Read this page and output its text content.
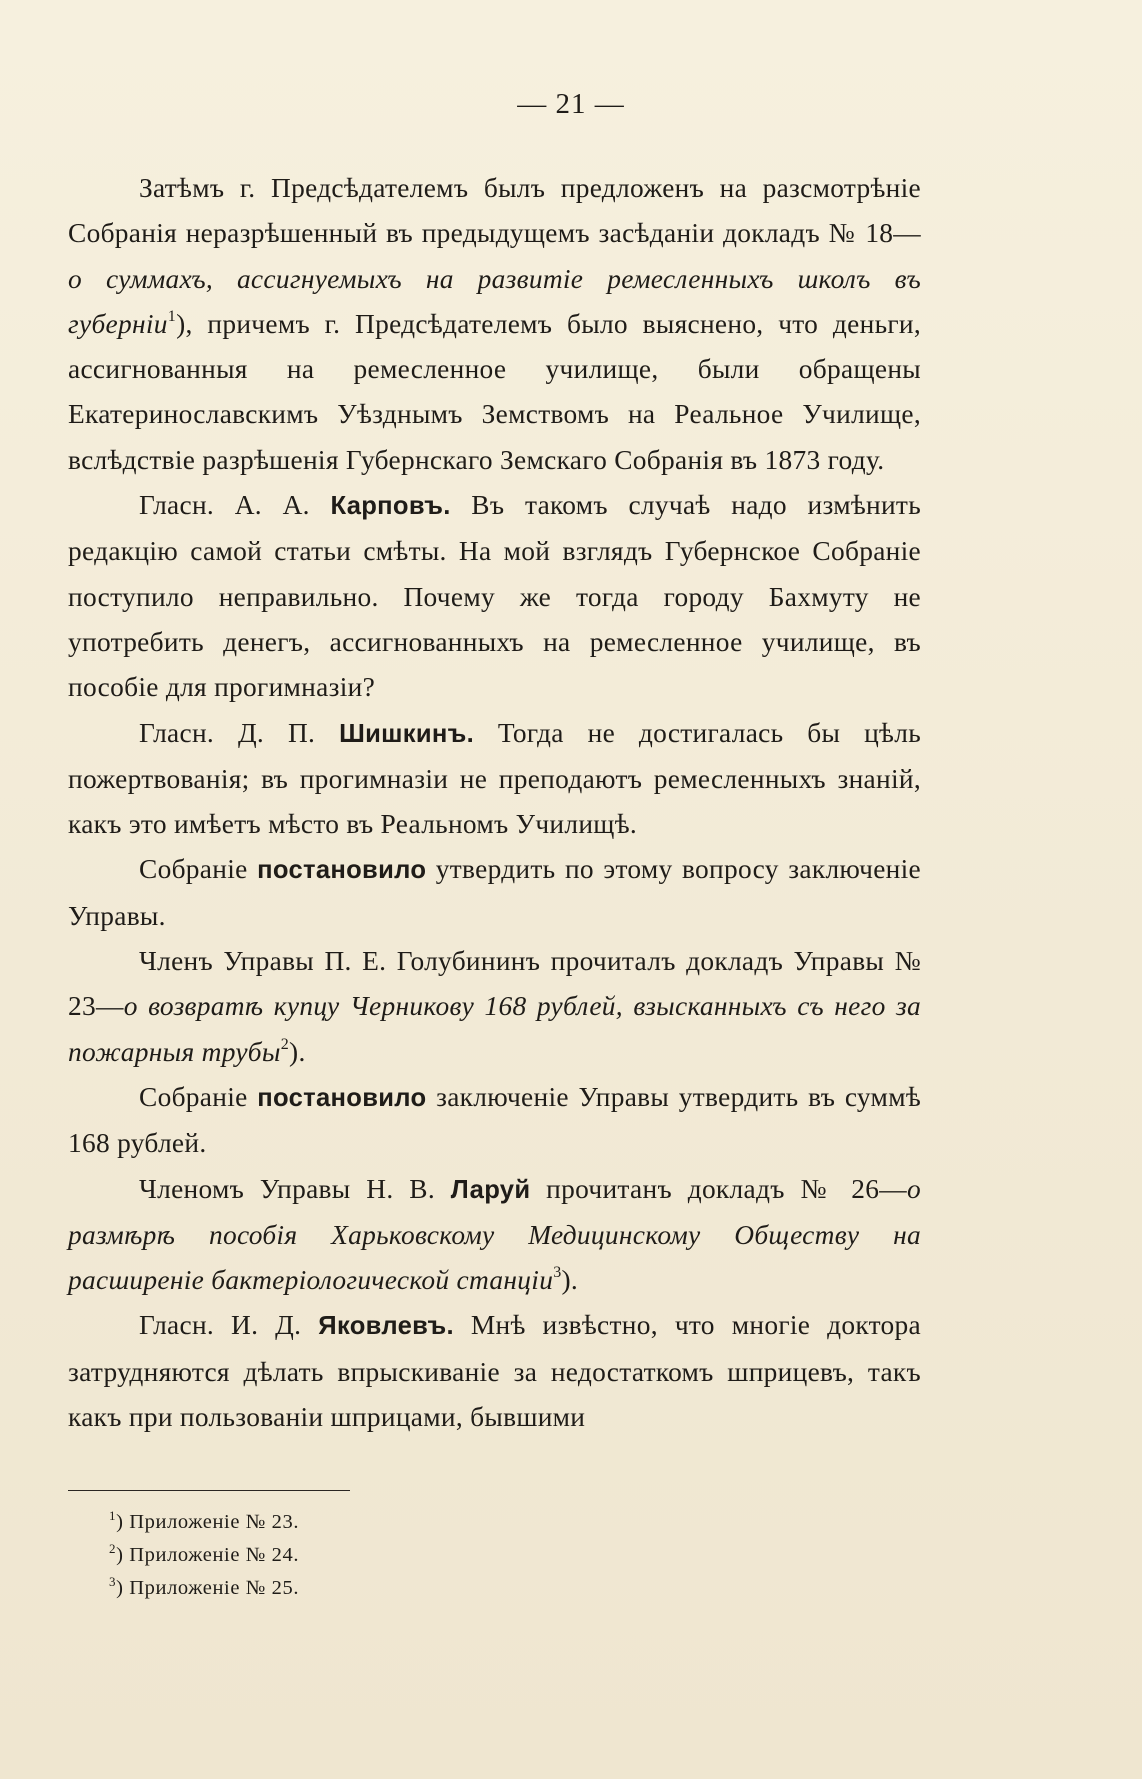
— 21 —

Затѣмъ г. Предсѣдателемъ былъ предложенъ на разсмотрѣніе Собранія неразрѣшенный въ предыдущемъ засѣданіи докладъ № 18—о суммахъ, ассигнуемыхъ на развитіе ремесленныхъ школъ въ губерніи$^1$), причемъ г. Предсѣдателемъ было выяснено, что деньги, ассигнованныя на ремесленное училище, были обращены Екатеринославскимъ Уѣзднымъ Земствомъ на Реальное Училище, вслѣдствіе разрѣшенія Губернскаго Земскаго Собранія въ 1873 году.

Гласн. А. А. Карповъ. Въ такомъ случаѣ надо измѣнить редакцію самой статьи смѣты. На мой взглядъ Губернское Собраніе поступило неправильно. Почему же тогда городу Бахмуту не употребить денегъ, ассигнованныхъ на ремесленное училище, въ пособіе для прогимназіи?

Гласн. Д. П. Шишкинъ. Тогда не достигалась бы цѣль пожертвованія; въ прогимназіи не преподаютъ ремесленныхъ знаній, какъ это имѣетъ мѣсто въ Реальномъ Училищѣ.

Собраніе постановило утвердить по этому вопросу заключеніе Управы.

Членъ Управы П. Е. Голубининъ прочиталъ докладъ Управы № 23—о возвратѣ купцу Черникову 168 рублей, взысканныхъ съ него за пожарныя трубы$^2$).

Собраніе постановило заключеніе Управы утвердить въ суммѣ 168 рублей.

Членомъ Управы Н. В. Ларуй прочитанъ докладъ № 26—о размѣрѣ пособія Харьковскому Медицинскому Обществу на расширеніе бактеріологической станціи$^3$).

Гласн. И. Д. Яковлевъ. Мнѣ извѣстно, что многіе доктора затрудняются дѣлать впрыскиваніе за недостаткомъ шприцевъ, такъ какъ при пользованіи шприцами, бывшими

$^1$) Приложеніе № 23.
$^2$) Приложеніе № 24.
$^3$) Приложеніе № 25.
